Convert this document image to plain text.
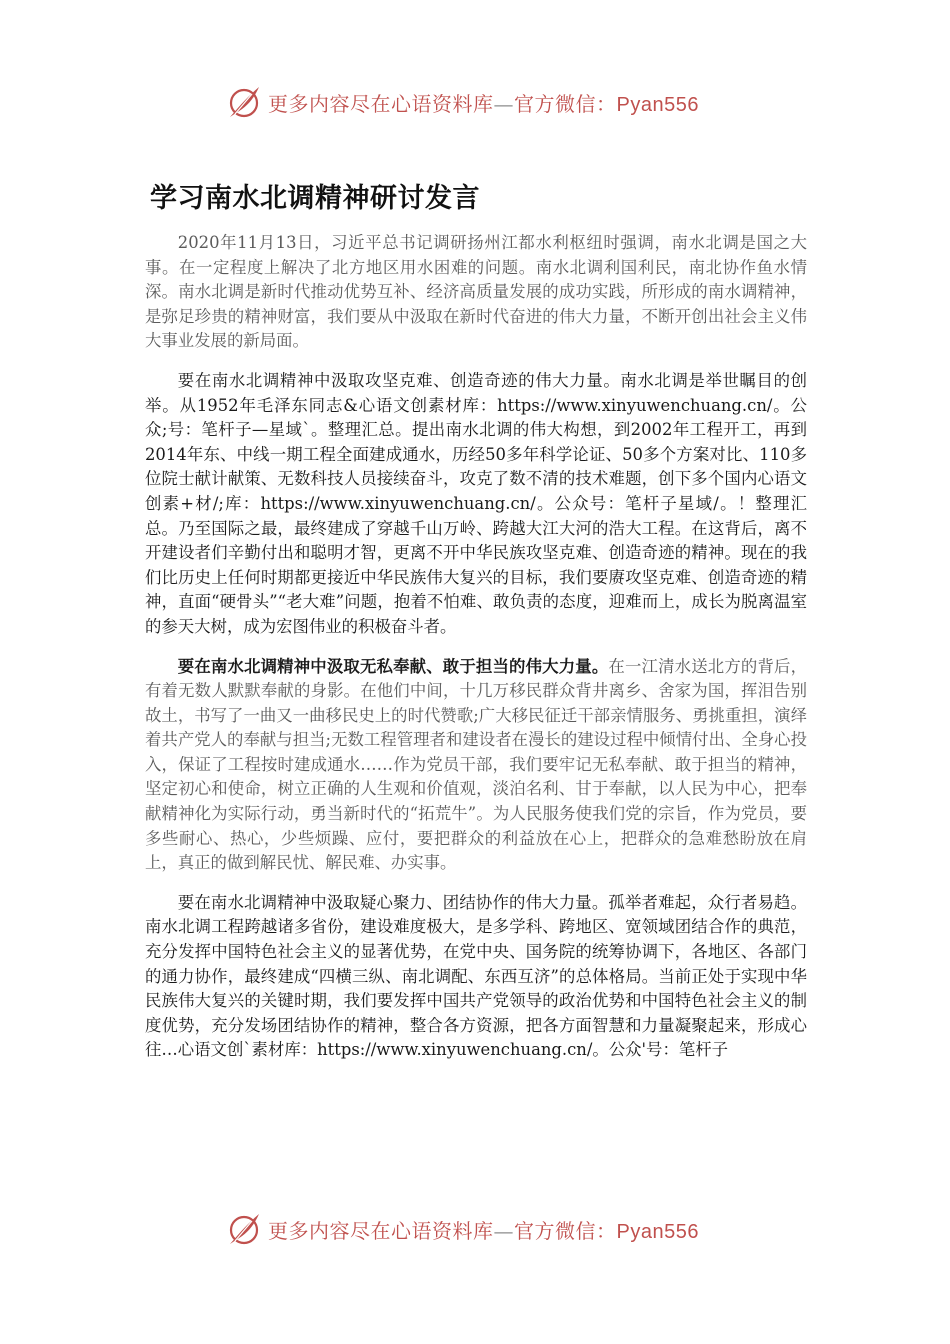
更多内容尽在心语资料库—官方微信：Pyan556
学习南水北调精神研讨发言

2020年11月13日，习近平总书记调研扬州江都水利枢纽时强调，南水北调是国之大事。在一定程度上解决了北方地区用水困难的问题。南水北调利国利民，南北协作鱼水情深。南水北调是新时代推动优势互补、经济高质量发展的成功实践，所形成的南水调精神，是弥足珍贵的精神财富，我们要从中汲取在新时代奋进的伟大力量，不断开创出社会主义伟大事业发展的新局面。

要在南水北调精神中汲取攻坚克难、创造奇迹的伟大力量。南水北调是举世瞩目的创举。从1952年毛泽东同志&心语文创素材库：https://www.xinyuwenchuang.cn/。公众;号：笔杆子—星域`。整理汇总。提出南水北调的伟大构想，到2002年工程开工，再到2014年东、中线一期工程全面建成通水，历经50多年科学论证、50多个方案对比、110多位院士献计献策、无数科技人员接续奋斗，攻克了数不清的技术难题，创下多个国内心语文创素+材/;库：https://www.xinyuwenchuang.cn/。公众号：笔杆子星域/。！整理汇总。乃至国际之最，最终建成了穿越千山万岭、跨越大江大河的浩大工程。在这背后，离不开建设者们辛勤付出和聪明才智，更离不开中华民族攻坚克难、创造奇迹的精神。现在的我们比历史上任何时期都更接近中华民族伟大复兴的目标，我们要赓攻坚克难、创造奇迹的精神，直面“硬骨头”“老大难”问题，抱着不怕难、敢负责的态度，迎难而上，成长为脱离温室的参天大树，成为宏图伟业的积极奋斗者。

要在南水北调精神中汲取无私奉献、敢于担当的伟大力量。在一江清水送北方的背后，有着无数人默默奉献的身影。在他们中间，十几万移民群众背井离乡、舍家为国，挥泪告别故土，书写了一曲又一曲移民史上的时代赞歌;广大移民征迁干部亲情服务、勇挑重担，演绎着共产党人的奉献与担当;无数工程管理者和建设者在漫长的建设过程中倾情付出、全身心投入，保证了工程按时建成通水……作为党员干部，我们要牢记无私奉献、敢于担当的精神，坚定初心和使命，树立正确的人生观和价值观，淡泊名利、甘于奉献，以人民为中心，把奉献精神化为实际行动，勇当新时代的“拓荒牛”。为人民服务使我们党的宗旨，作为党员，要多些耐心、热心，少些烦躁、应付，要把群众的利益放在心上，把群众的急难愁盼放在肩上，真正的做到解民忧、解民难、办实事。

要在南水北调精神中汲取疑心聚力、团结协作的伟大力量。孤举者难起，众行者易趋。南水北调工程跨越诸多省份，建设难度极大，是多学科、跨地区、宽领域团结合作的典范，充分发挥中国特色社会主义的显著优势，在党中央、国务院的统筹协调下，各地区、各部门的通力协作，最终建成“四横三纵、南北调配、东西互济”的总体格局。当前正处于实现中华民族伟大复兴的关键时期，我们要发挥中国共产党领导的政治优势和中国特色社会主义的制度优势，充分发场团结协作的精神，整合各方资源，把各方面智慧和力量凝聚起来，形成心往…心语文创`素材库：https://www.xinyuwenchuang.cn/。公众'号：笔杆子

更多内容尽在心语资料库—官方微信：Pyan556
